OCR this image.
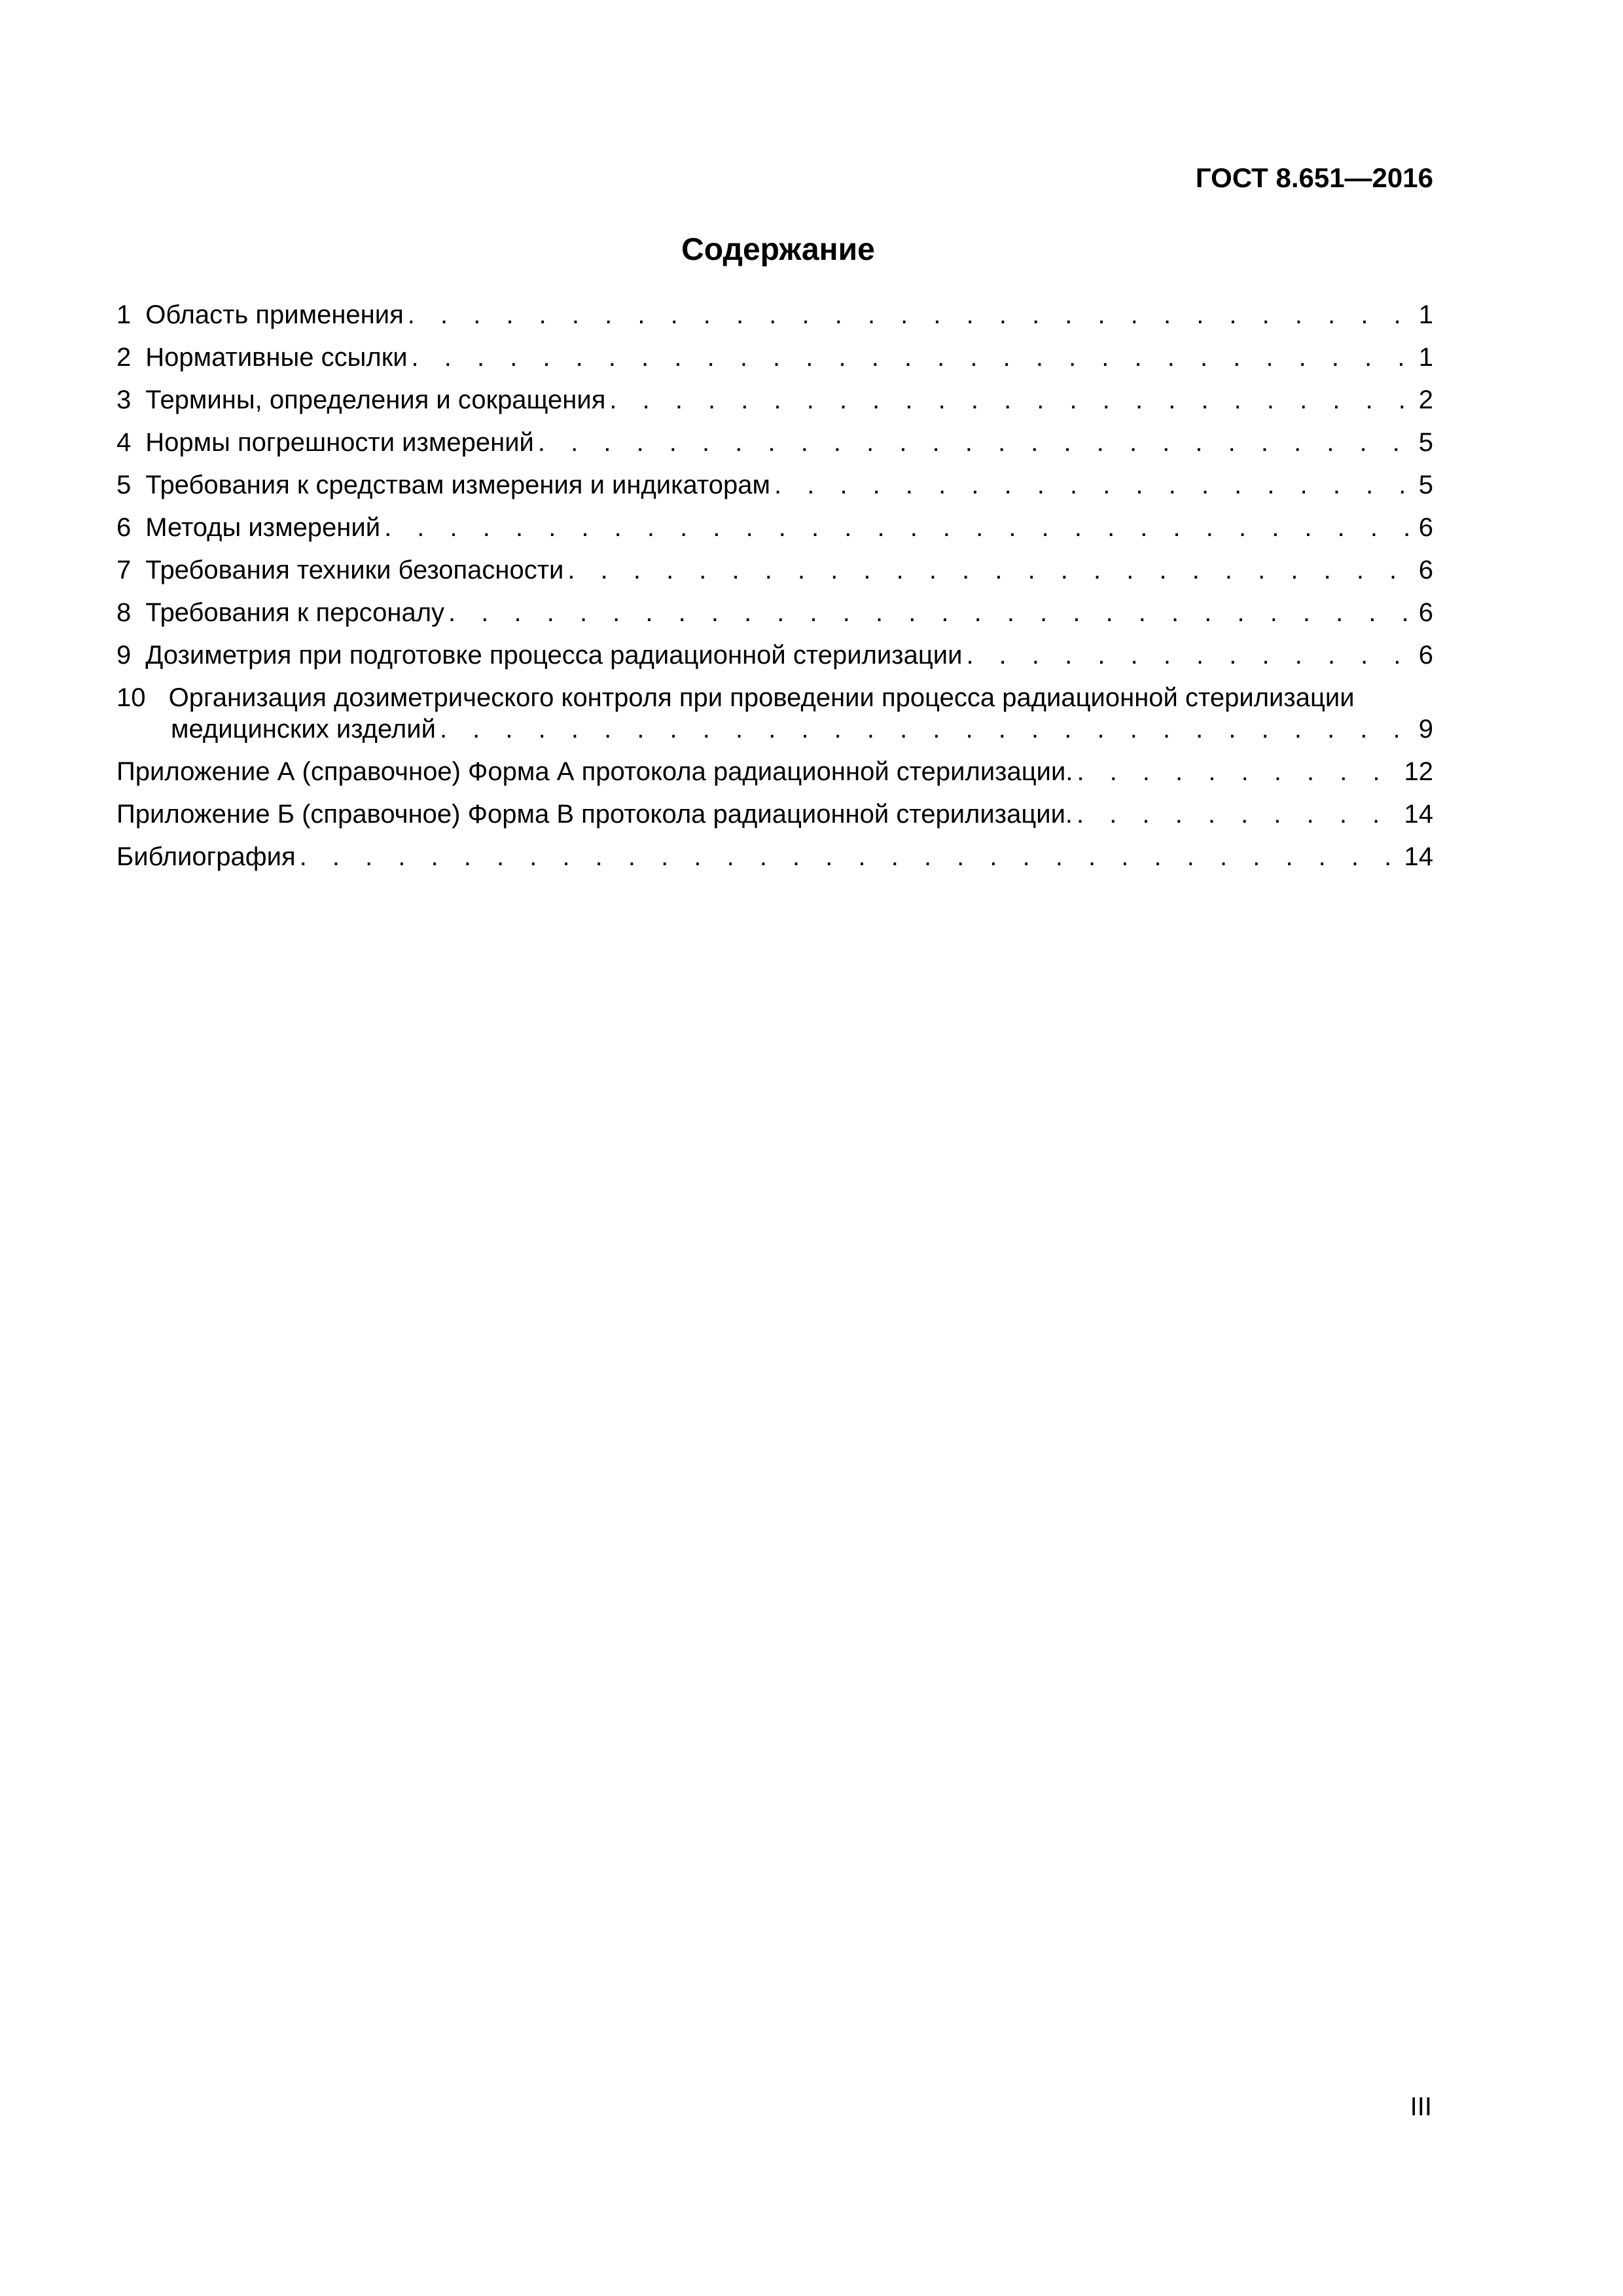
ГОСТ 8.651—2016
Содержание
1 Область применения . . .	1
2 Нормативные ссылки . . .	1
3 Термины, определения и сокращения . . .	2
4 Нормы погрешности измерений . . .	5
5 Требования к средствам измерения и индикаторам . . .	5
6 Методы измерений . . .	6
7 Требования техники безопасности . . .	6
8 Требования к персоналу . . .	6
9 Дозиметрия при подготовке процесса радиационной стерилизации . . .	6
10 Организация дозиметрического контроля при проведении процесса радиационной стерилизации
медицинских изделий . . .	9
Приложение А (справочное) Форма А протокола радиационной стерилизации. . . .	12
Приложение Б (справочное) Форма В протокола радиационной стерилизации. . . .	14
Библиография . . .	14
III
